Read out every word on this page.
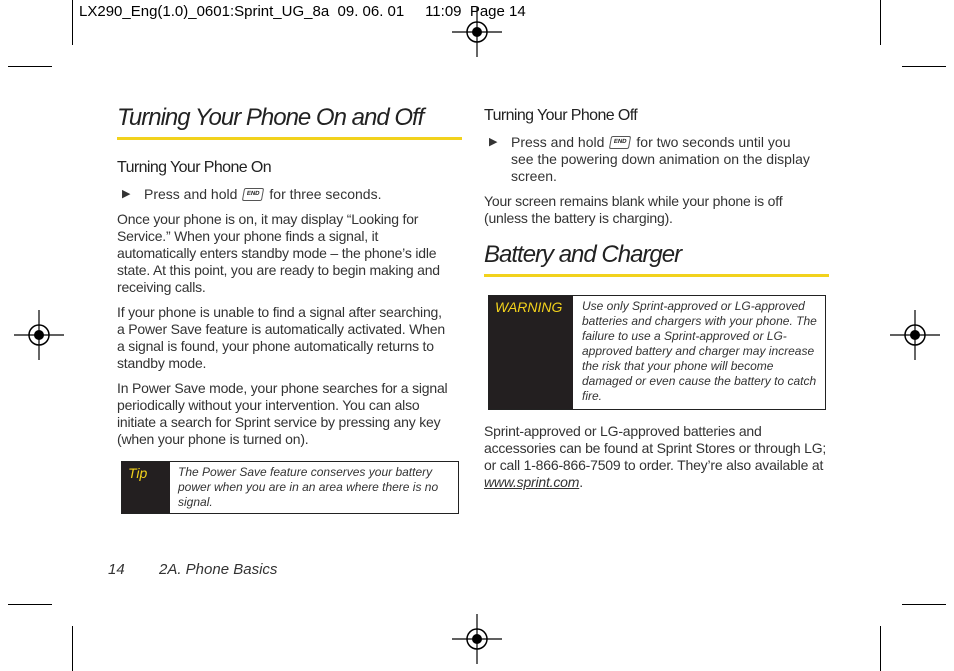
LX290_Eng(1.0)_0601:Sprint_UG_8a  09. 06. 01     11:09  Page 14
Turning Your Phone On and Off
Turning Your Phone On
▶ Press and hold END for three seconds.
Once your phone is on, it may display “Looking for Service.” When your phone finds a signal, it automatically enters standby mode – the phone’s idle state. At this point, you are ready to begin making and receiving calls.
If your phone is unable to find a signal after searching, a Power Save feature is automatically activated. When a signal is found, your phone automatically returns to standby mode.
In Power Save mode, your phone searches for a signal periodically without your intervention. You can also initiate a search for Sprint service by pressing any key (when your phone is turned on).
Tip	The Power Save feature conserves your battery power when you are in an area where there is no signal.
Turning Your Phone Off
▶ Press and hold END for two seconds until you see the powering down animation on the display screen.
Your screen remains blank while your phone is off (unless the battery is charging).
Battery and Charger
WARNING	Use only Sprint-approved or LG-approved batteries and chargers with your phone. The failure to use a Sprint-approved or LG-approved battery and charger may increase the risk that your phone will become damaged or even cause the battery to catch fire.
Sprint-approved or LG-approved batteries and accessories can be found at Sprint Stores or through LG; or call 1-866-866-7509 to order. They’re also available at www.sprint.com.
14 2A. Phone Basics
